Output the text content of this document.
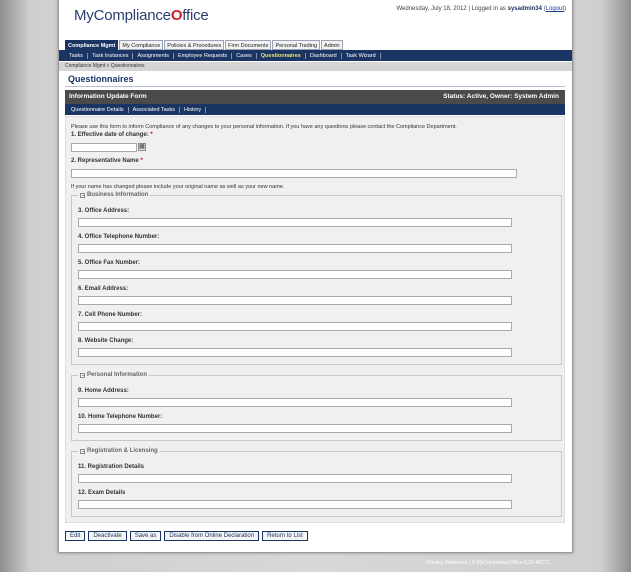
MyComplianceOffice	Wednesday, July 18, 2012 | Logged in as sysadmin34 (Logout)
Compliance Mgmt	My Compliance	Policies & Procedures	Firm Documents	Personal Trading	Admin
Tasks	Task Instances	Assignments	Employee Requests	Cases	Questionnaires	Dashboard	Task Wizard
Compliance Mgmt » Questionnaires
Questionnaires
Information Update Form	Status: Active, Owner: System Admin
Questionnaire Details	Associated Tasks	History
Please use this form to inform Compliance of any changes to your personal information. If you have any questions please contact the Compliance Department.
1. Effective date of change: *
▦
2. Representative Name *
If your name has changed please include your original name as well as your new name.
Business Information
3. Office Address:
4. Office Telephone Number:
5. Office Fax Number:
6. Email Address:
7. Cell Phone Number:
8. Website Change:
Personal Information
9. Home Address:
10. Home Telephone Number:
Registration & Licensing
11. Registration Details
12. Exam Details
Edit	Deactivate	Save as	Disable from Online Declaration	Return to List
Privacy Statement | © MyComplianceOffice 6.10-48271
